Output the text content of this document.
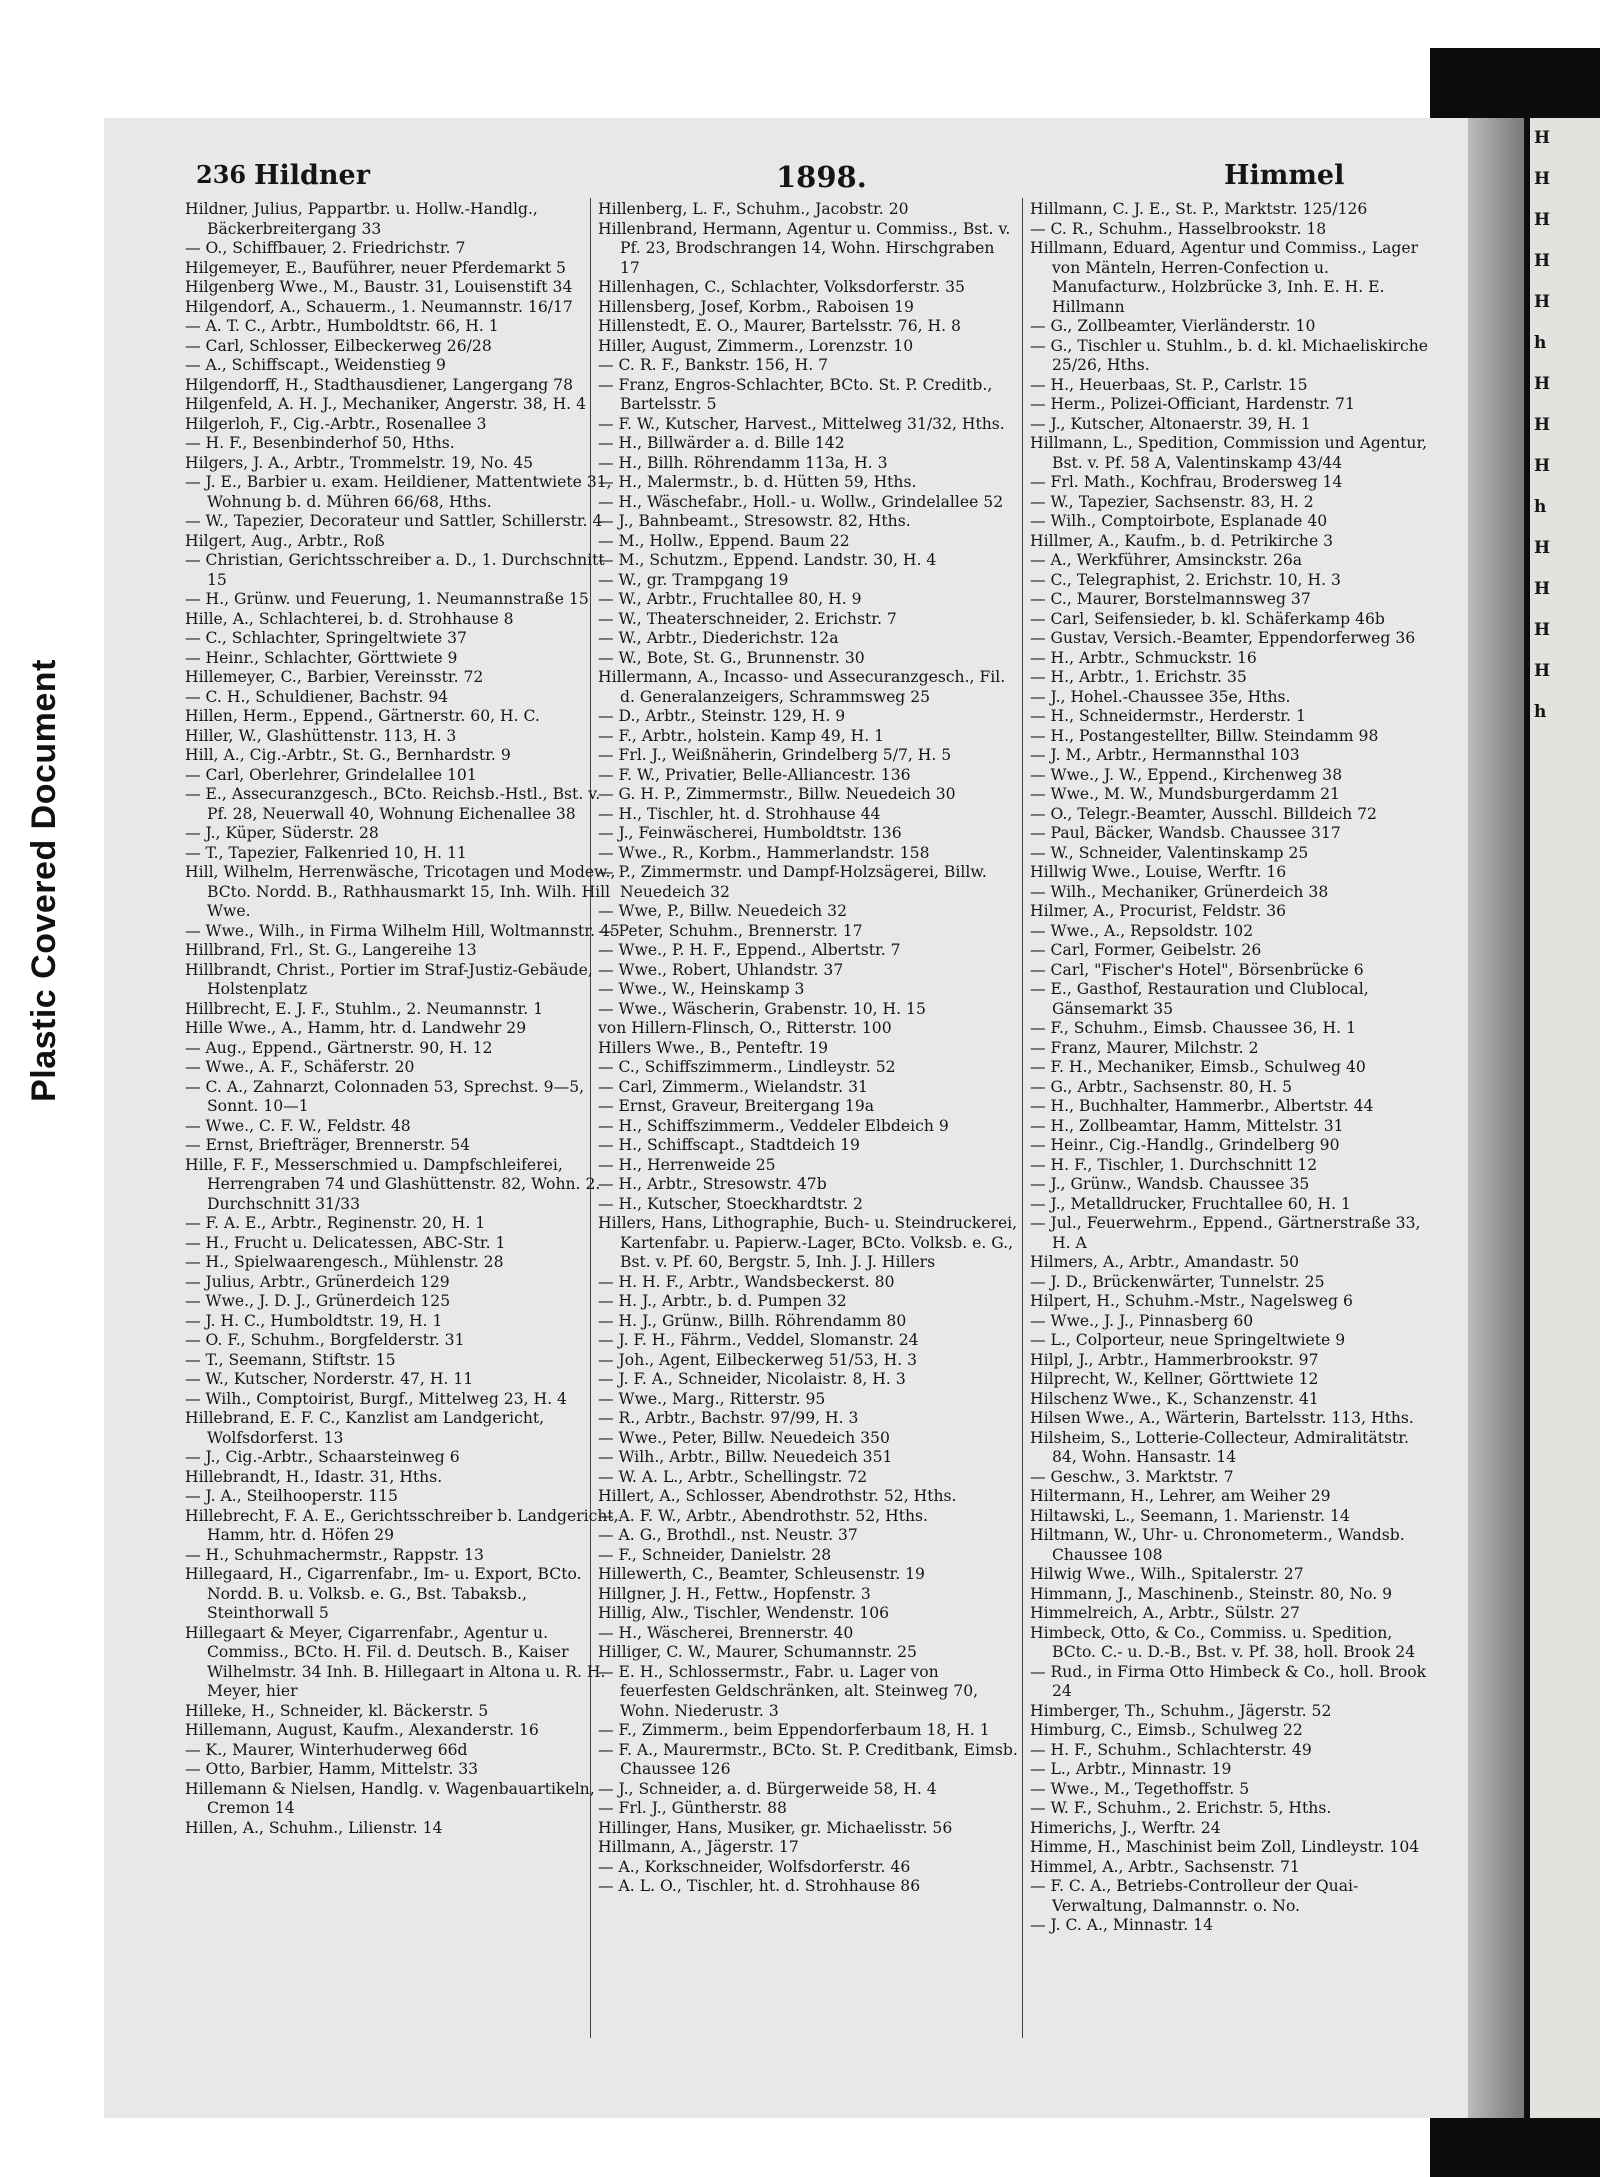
Plastic Covered Document
H
H
H
H
H
h
H
H
H
h
H
H
H
H
h
236 Hildner	1898.	Himmel

Hildner, Julius, Pappartbr. u. Hollw.-Handlg., Bäckerbreitergang 33

— O., Schiffbauer, 2. Friedrichstr. 7

Hilgemeyer, E., Bauführer, neuer Pferdemarkt 5

Hilgenberg Wwe., M., Baustr. 31, Louisenstift 34

Hilgendorf, A., Schauerm., 1. Neumannstr. 16/17

— A. T. C., Arbtr., Humboldtstr. 66, H. 1

— Carl, Schlosser, Eilbeckerweg 26/28

— A., Schiffscapt., Weidenstieg 9

Hilgendorff, H., Stadthausdiener, Langergang 78

Hilgenfeld, A. H. J., Mechaniker, Angerstr. 38, H. 4

Hilgerloh, F., Cig.-Arbtr., Rosenallee 3

— H. F., Besenbinderhof 50, Hths.

Hilgers, J. A., Arbtr., Trommelstr. 19, No. 45

— J. E., Barbier u. exam. Heildiener, Mattentwiete 31, Wohnung b. d. Mühren 66/68, Hths.

— W., Tapezier, Decorateur und Sattler, Schillerstr. 4

Hilgert, Aug., Arbtr., Roß

— Christian, Gerichtsschreiber a. D., 1. Durchschnitt 15

— H., Grünw. und Feuerung, 1. Neumannstraße 15

Hille, A., Schlachterei, b. d. Strohhause 8

— C., Schlachter, Springeltwiete 37

— Heinr., Schlachter, Görttwiete 9

Hillemeyer, C., Barbier, Vereinsstr. 72

— C. H., Schuldiener, Bachstr. 94

Hillen, Herm., Eppend., Gärtnerstr. 60, H. C.

Hiller, W., Glashüttenstr. 113, H. 3

Hill, A., Cig.-Arbtr., St. G., Bernhardstr. 9

— Carl, Oberlehrer, Grindelallee 101

— E., Assecuranzgesch., BCto. Reichsb.-Hstl., Bst. v. Pf. 28, Neuerwall 40, Wohnung Eichenallee 38

— J., Küper, Süderstr. 28

— T., Tapezier, Falkenried 10, H. 11

Hill, Wilhelm, Herrenwäsche, Tricotagen und Modew., BCto. Nordd. B., Rathhausmarkt 15, Inh. Wilh. Hill Wwe.

— Wwe., Wilh., in Firma Wilhelm Hill, Woltmannstr. 45

Hillbrand, Frl., St. G., Langereihe 13

Hillbrandt, Christ., Portier im Straf-Justiz-Gebäude, Holstenplatz

Hillbrecht, E. J. F., Stuhlm., 2. Neumannstr. 1

Hille Wwe., A., Hamm, htr. d. Landwehr 29

— Aug., Eppend., Gärtnerstr. 90, H. 12

— Wwe., A. F., Schäferstr. 20

— C. A., Zahnarzt, Colonnaden 53, Sprechst. 9—5, Sonnt. 10—1

— Wwe., C. F. W., Feldstr. 48

— Ernst, Briefträger, Brennerstr. 54

Hille, F. F., Messerschmied u. Dampfschleiferei, Herrengraben 74 und Glashüttenstr. 82, Wohn. 2. Durchschnitt 31/33

— F. A. E., Arbtr., Reginenstr. 20, H. 1

— H., Frucht u. Delicatessen, ABC-Str. 1

— H., Spielwaarengesch., Mühlenstr. 28

— Julius, Arbtr., Grünerdeich 129

— Wwe., J. D. J., Grünerdeich 125

— J. H. C., Humboldtstr. 19, H. 1

— O. F., Schuhm., Borgfelderstr. 31

— T., Seemann, Stiftstr. 15

— W., Kutscher, Norderstr. 47, H. 11

— Wilh., Comptoirist, Burgf., Mittelweg 23, H. 4

Hillebrand, E. F. C., Kanzlist am Landgericht, Wolfsdorferst. 13

— J., Cig.-Arbtr., Schaarsteinweg 6

Hillebrandt, H., Idastr. 31, Hths.

— J. A., Steilhooperstr. 115

Hillebrecht, F. A. E., Gerichtsschreiber b. Landgericht, Hamm, htr. d. Höfen 29

— H., Schuhmachermstr., Rappstr. 13

Hillegaard, H., Cigarrenfabr., Im- u. Export, BCto. Nordd. B. u. Volksb. e. G., Bst. Tabaksb., Steinthorwall 5

Hillegaart & Meyer, Cigarrenfabr., Agentur u. Commiss., BCto. H. Fil. d. Deutsch. B., Kaiser Wilhelmstr. 34 Inh. B. Hillegaart in Altona u. R. H. Meyer, hier

Hilleke, H., Schneider, kl. Bäckerstr. 5

Hillemann, August, Kaufm., Alexanderstr. 16

— K., Maurer, Winterhuderweg 66d

— Otto, Barbier, Hamm, Mittelstr. 33

Hillemann & Nielsen, Handlg. v. Wagenbauartikeln, Cremon 14

Hillen, A., Schuhm., Lilienstr. 14

Hillenberg, L. F., Schuhm., Jacobstr. 20

Hillenbrand, Hermann, Agentur u. Commiss., Bst. v. Pf. 23, Brodschrangen 14, Wohn. Hirschgraben 17

Hillenhagen, C., Schlachter, Volksdorferstr. 35

Hillensberg, Josef, Korbm., Raboisen 19

Hillenstedt, E. O., Maurer, Bartelsstr. 76, H. 8

Hiller, August, Zimmerm., Lorenzstr. 10

— C. R. F., Bankstr. 156, H. 7

— Franz, Engros-Schlachter, BCto. St. P. Creditb., Bartelsstr. 5

— F. W., Kutscher, Harvest., Mittelweg 31/32, Hths.

— H., Billwärder a. d. Bille 142

— H., Billh. Röhrendamm 113a, H. 3

— H., Malermstr., b. d. Hütten 59, Hths.

— H., Wäschefabr., Holl.- u. Wollw., Grindelallee 52

— J., Bahnbeamt., Stresowstr. 82, Hths.

— M., Hollw., Eppend. Baum 22

— M., Schutzm., Eppend. Landstr. 30, H. 4

— W., gr. Trampgang 19

— W., Arbtr., Fruchtallee 80, H. 9

— W., Theaterschneider, 2. Erichstr. 7

— W., Arbtr., Diederichstr. 12a

— W., Bote, St. G., Brunnenstr. 30

Hillermann, A., Incasso- und Assecuranzgesch., Fil. d. Generalanzeigers, Schrammsweg 25

— D., Arbtr., Steinstr. 129, H. 9

— F., Arbtr., holstein. Kamp 49, H. 1

— Frl. J., Weißnäherin, Grindelberg 5/7, H. 5

— F. W., Privatier, Belle-Alliancestr. 136

— G. H. P., Zimmermstr., Billw. Neuedeich 30

— H., Tischler, ht. d. Strohhause 44

— J., Feinwäscherei, Humboldtstr. 136

— Wwe., R., Korbm., Hammerlandstr. 158

— P., Zimmermstr. und Dampf-Holzsägerei, Billw. Neuedeich 32

— Wwe, P., Billw. Neuedeich 32

— Peter, Schuhm., Brennerstr. 17

— Wwe., P. H. F., Eppend., Albertstr. 7

— Wwe., Robert, Uhlandstr. 37

— Wwe., W., Heinskamp 3

— Wwe., Wäscherin, Grabenstr. 10, H. 15

von Hillern-Flinsch, O., Ritterstr. 100

Hillers Wwe., B., Penteftr. 19

— C., Schiffszimmerm., Lindleystr. 52

— Carl, Zimmerm., Wielandstr. 31

— Ernst, Graveur, Breitergang 19a

— H., Schiffszimmerm., Veddeler Elbdeich 9

— H., Schiffscapt., Stadtdeich 19

— H., Herrenweide 25

— H., Arbtr., Stresowstr. 47b

— H., Kutscher, Stoeckhardtstr. 2

Hillers, Hans, Lithographie, Buch- u. Steindruckerei, Kartenfabr. u. Papierw.-Lager, BCto. Volksb. e. G., Bst. v. Pf. 60, Bergstr. 5, Inh. J. J. Hillers

— H. H. F., Arbtr., Wandsbeckerst. 80

— H. J., Arbtr., b. d. Pumpen 32

— H. J., Grünw., Billh. Röhrendamm 80

— J. F. H., Fährm., Veddel, Slomanstr. 24

— Joh., Agent, Eilbeckerweg 51/53, H. 3

— J. F. A., Schneider, Nicolaistr. 8, H. 3

— Wwe., Marg., Ritterstr. 95

— R., Arbtr., Bachstr. 97/99, H. 3

— Wwe., Peter, Billw. Neuedeich 350

— Wilh., Arbtr., Billw. Neuedeich 351

— W. A. L., Arbtr., Schellingstr. 72

Hillert, A., Schlosser, Abendrothstr. 52, Hths.

— A. F. W., Arbtr., Abendrothstr. 52, Hths.

— A. G., Brothdl., nst. Neustr. 37

— F., Schneider, Danielstr. 28

Hillewerth, C., Beamter, Schleusenstr. 19

Hillgner, J. H., Fettw., Hopfenstr. 3

Hillig, Alw., Tischler, Wendenstr. 106

— H., Wäscherei, Brennerstr. 40

Hilliger, C. W., Maurer, Schumannstr. 25

— E. H., Schlossermstr., Fabr. u. Lager von feuerfesten Geldschränken, alt. Steinweg 70, Wohn. Niederustr. 3

— F., Zimmerm., beim Eppendorferbaum 18, H. 1

— F. A., Maurermstr., BCto. St. P. Creditbank, Eimsb. Chaussee 126

— J., Schneider, a. d. Bürgerweide 58, H. 4

— Frl. J., Güntherstr. 88

Hillinger, Hans, Musiker, gr. Michaelisstr. 56

Hillmann, A., Jägerstr. 17

— A., Korkschneider, Wolfsdorferstr. 46

— A. L. O., Tischler, ht. d. Strohhause 86

Hillmann, C. J. E., St. P., Marktstr. 125/126

— C. R., Schuhm., Hasselbrookstr. 18

Hillmann, Eduard, Agentur und Commiss., Lager von Mänteln, Herren-Confection u. Manufacturw., Holzbrücke 3, Inh. E. H. E. Hillmann

— G., Zollbeamter, Vierländerstr. 10

— G., Tischler u. Stuhlm., b. d. kl. Michaeliskirche 25/26, Hths.

— H., Heuerbaas, St. P., Carlstr. 15

— Herm., Polizei-Officiant, Hardenstr. 71

— J., Kutscher, Altonaerstr. 39, H. 1

Hillmann, L., Spedition, Commission und Agentur, Bst. v. Pf. 58 A, Valentinskamp 43/44

— Frl. Math., Kochfrau, Brodersweg 14

— W., Tapezier, Sachsenstr. 83, H. 2

— Wilh., Comptoirbote, Esplanade 40

Hillmer, A., Kaufm., b. d. Petrikirche 3

— A., Werkführer, Amsinckstr. 26a

— C., Telegraphist, 2. Erichstr. 10, H. 3

— C., Maurer, Borstelmannsweg 37

— Carl, Seifensieder, b. kl. Schäferkamp 46b

— Gustav, Versich.-Beamter, Eppendorferweg 36

— H., Arbtr., Schmuckstr. 16

— H., Arbtr., 1. Erichstr. 35

— J., Hohel.-Chaussee 35e, Hths.

— H., Schneidermstr., Herderstr. 1

— H., Postangestellter, Billw. Steindamm 98

— J. M., Arbtr., Hermannsthal 103

— Wwe., J. W., Eppend., Kirchenweg 38

— Wwe., M. W., Mundsburgerdamm 21

— O., Telegr.-Beamter, Ausschl. Billdeich 72

— Paul, Bäcker, Wandsb. Chaussee 317

— W., Schneider, Valentinskamp 25

Hillwig Wwe., Louise, Werftr. 16

— Wilh., Mechaniker, Grünerdeich 38

Hilmer, A., Procurist, Feldstr. 36

— Wwe., A., Repsoldstr. 102

— Carl, Former, Geibelstr. 26

— Carl, "Fischer's Hotel", Börsenbrücke 6

— E., Gasthof, Restauration und Clublocal, Gänsemarkt 35

— F., Schuhm., Eimsb. Chaussee 36, H. 1

— Franz, Maurer, Milchstr. 2

— F. H., Mechaniker, Eimsb., Schulweg 40

— G., Arbtr., Sachsenstr. 80, H. 5

— H., Buchhalter, Hammerbr., Albertstr. 44

— H., Zollbeamtar, Hamm, Mittelstr. 31

— Heinr., Cig.-Handlg., Grindelberg 90

— H. F., Tischler, 1. Durchschnitt 12

— J., Grünw., Wandsb. Chaussee 35

— J., Metalldrucker, Fruchtallee 60, H. 1

— Jul., Feuerwehrm., Eppend., Gärtnerstraße 33, H. A

Hilmers, A., Arbtr., Amandastr. 50

— J. D., Brückenwärter, Tunnelstr. 25

Hilpert, H., Schuhm.-Mstr., Nagelsweg 6

— Wwe., J. J., Pinnasberg 60

— L., Colporteur, neue Springeltwiete 9

Hilpl, J., Arbtr., Hammerbrookstr. 97

Hilprecht, W., Kellner, Görttwiete 12

Hilschenz Wwe., K., Schanzenstr. 41

Hilsen Wwe., A., Wärterin, Bartelsstr. 113, Hths.

Hilsheim, S., Lotterie-Collecteur, Admiralitätstr. 84, Wohn. Hansastr. 14

— Geschw., 3. Marktstr. 7

Hiltermann, H., Lehrer, am Weiher 29

Hiltawski, L., Seemann, 1. Marienstr. 14

Hiltmann, W., Uhr- u. Chronometerm., Wandsb. Chaussee 108

Hilwig Wwe., Wilh., Spitalerstr. 27

Himmann, J., Maschinenb., Steinstr. 80, No. 9

Himmelreich, A., Arbtr., Sülstr. 27

Himbeck, Otto, & Co., Commiss. u. Spedition, BCto. C.- u. D.-B., Bst. v. Pf. 38, holl. Brook 24

— Rud., in Firma Otto Himbeck & Co., holl. Brook 24

Himberger, Th., Schuhm., Jägerstr. 52

Himburg, C., Eimsb., Schulweg 22

— H. F., Schuhm., Schlachterstr. 49

— L., Arbtr., Minnastr. 19

— Wwe., M., Tegethoffstr. 5

— W. F., Schuhm., 2. Erichstr. 5, Hths.

Himerichs, J., Werftr. 24

Himme, H., Maschinist beim Zoll, Lindleystr. 104

Himmel, A., Arbtr., Sachsenstr. 71

— F. C. A., Betriebs-Controlleur der Quai-Verwaltung, Dalmannstr. o. No.

— J. C. A., Minnastr. 14
